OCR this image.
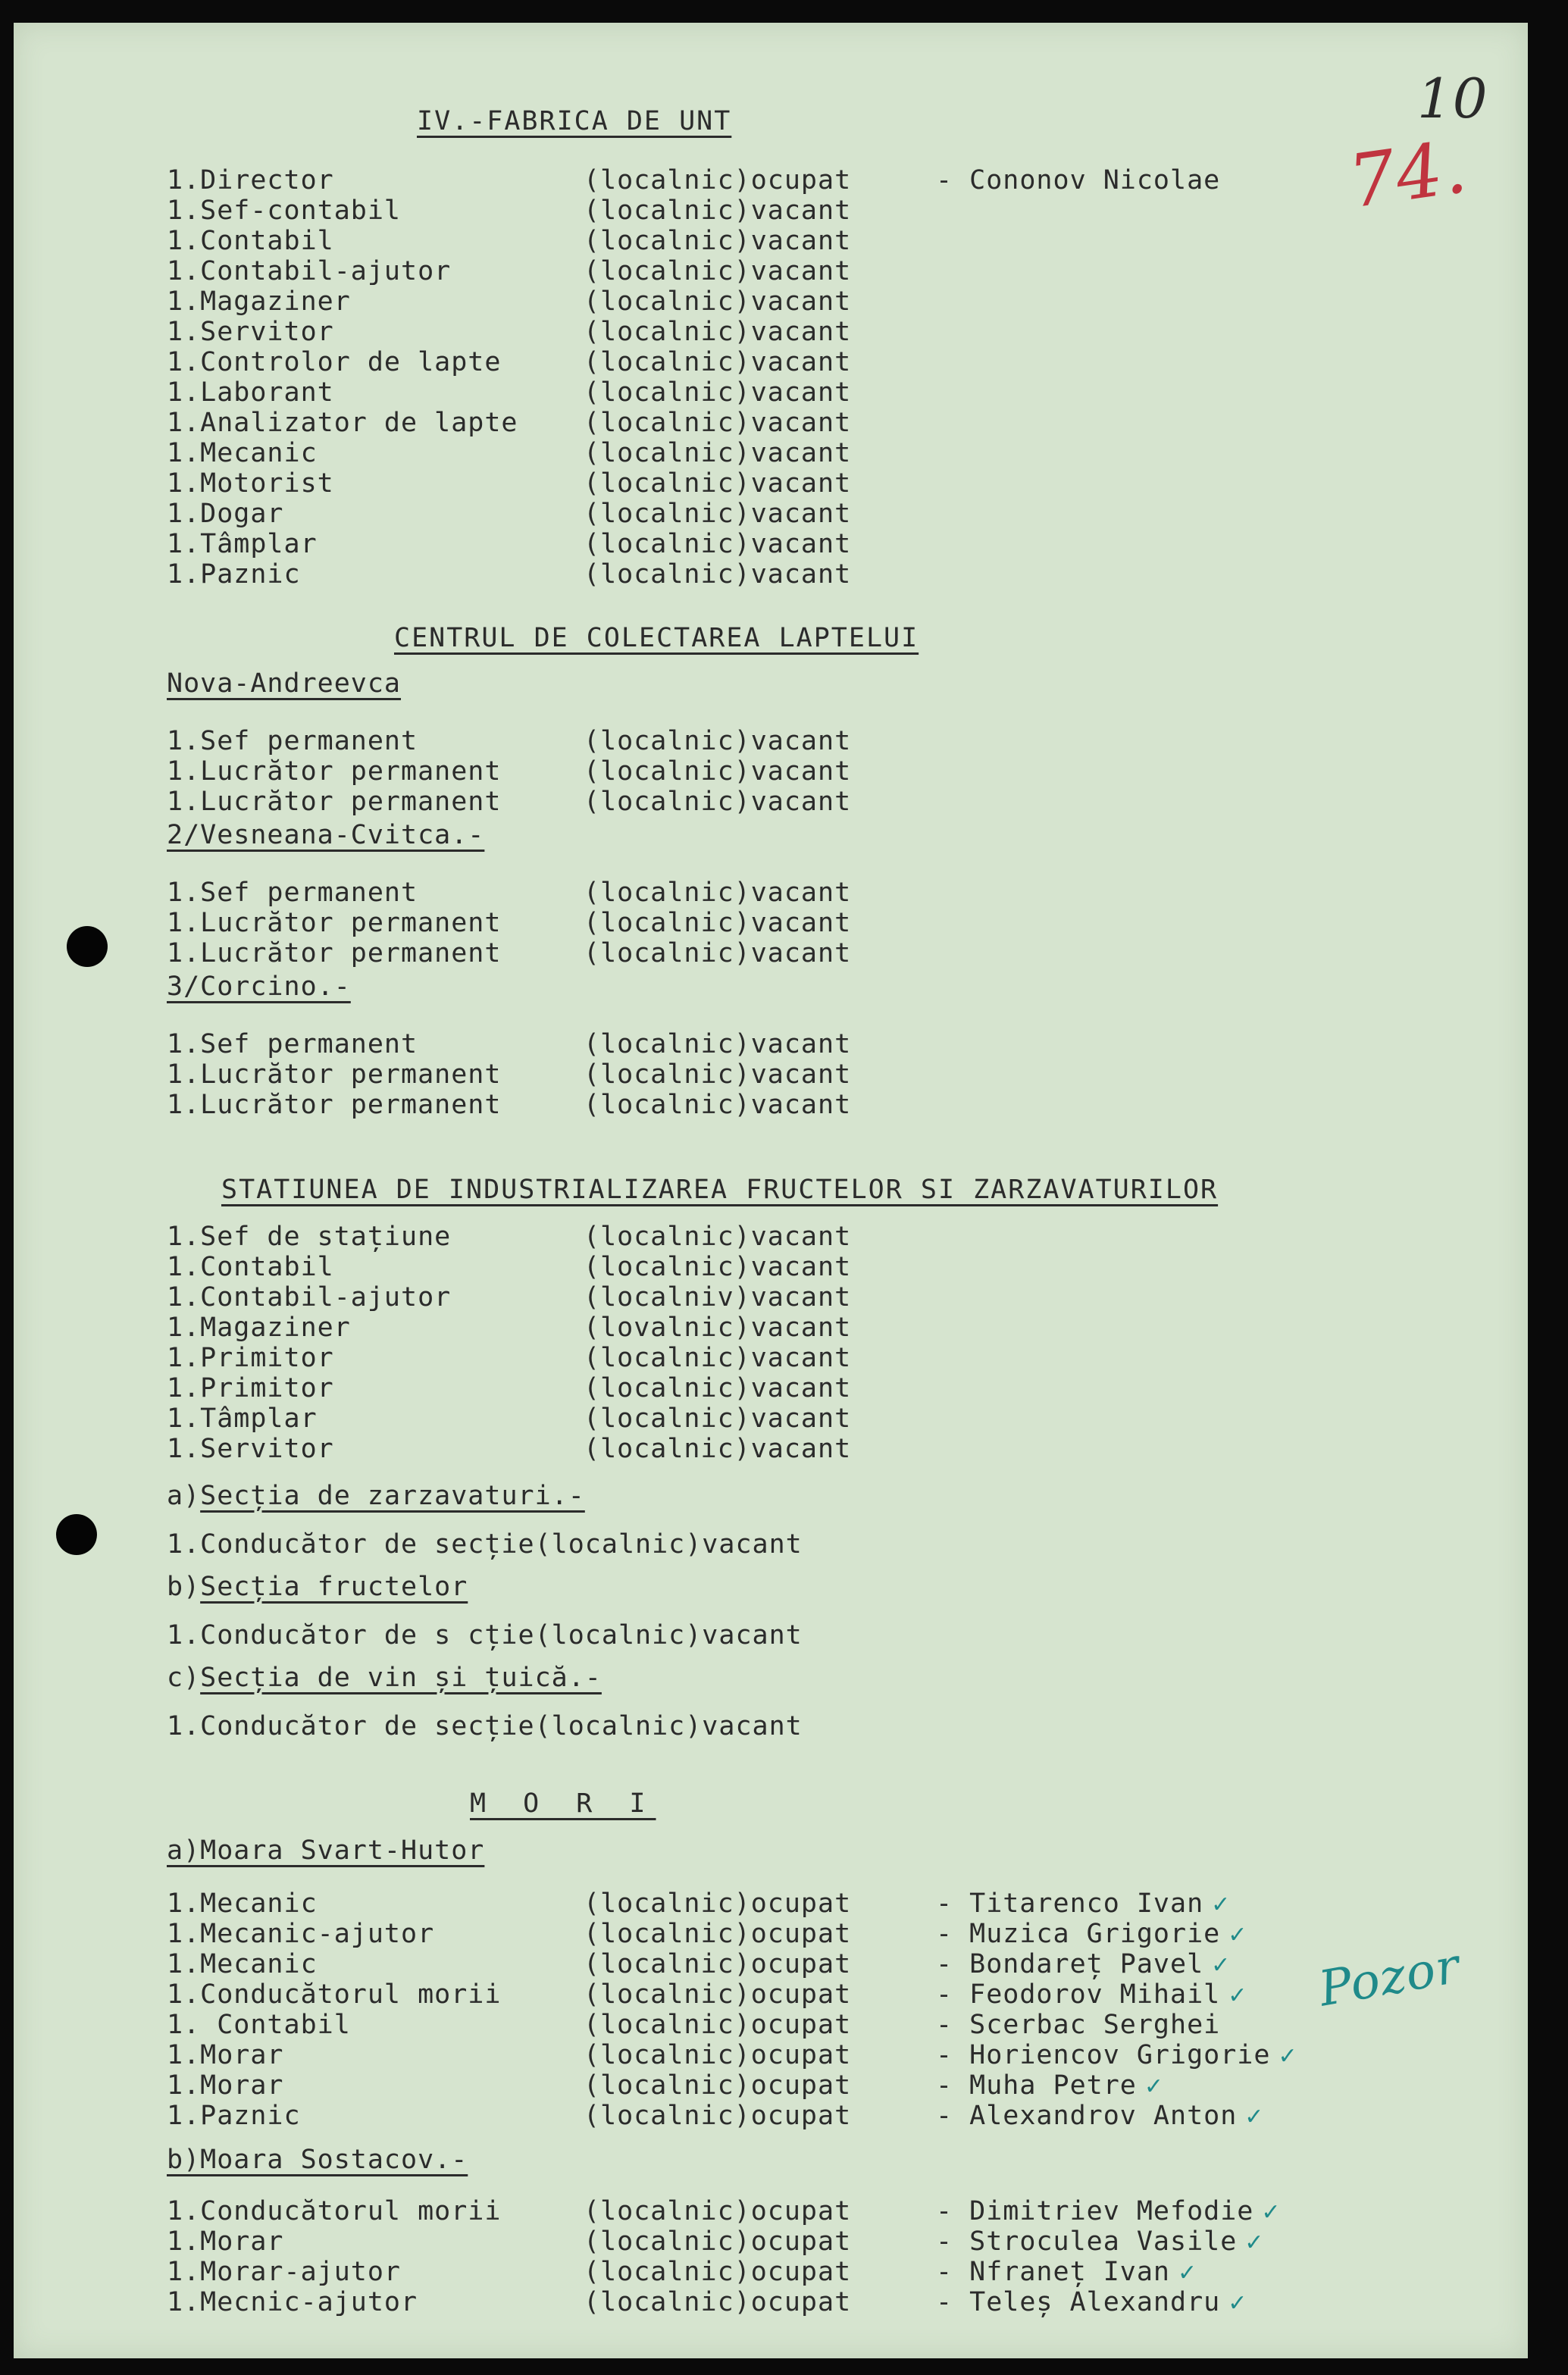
10
74.
Pozor
IV.-FABRICA DE UNT
CENTRUL DE COLECTAREA LAPTELUI
STATIUNEA DE INDUSTRIALIZAREA FRUCTELOR SI ZARZAVATURILOR
M O R I
1.Director	(localnic)ocupat	- Cononov Nicolae
1.Sef-contabil	(localnic)vacant
1.Contabil	(localnic)vacant
1.Contabil-ajutor	(localnic)vacant
1.Magaziner	(localnic)vacant
1.Servitor	(localnic)vacant
1.Controlor de lapte	(localnic)vacant
1.Laborant	(localnic)vacant
1.Analizator de lapte (localnic)vacant
1.Mecanic	(localnic)vacant
1.Motorist	(localnic)vacant
1.Dogar	(localnic)vacant
1.Tâmplar	(localnic)vacant
1.Paznic	(localnic)vacant
Nova-Andreevca
1.Sef permanent	(localnic)vacant
1.Lucrător permanent	(localnic)vacant
1.Lucrător permanent	(localnic)vacant
2/Vesneana-Cvitca.-
1.Sef permanent	(localnic)vacant
1.Lucrător permanent	(localnic)vacant
1.Lucrător permanent	(localnic)vacant
3/Corcino.-
1.Sef permanent	(localnic)vacant
1.Lucrător permanent	(localnic)vacant
1.Lucrător permanent	(localnic)vacant
1.Sef de stațiune	(localnic)vacant
1.Contabil	(localnic)vacant
1.Contabil-ajutor	(localniv)vacant
1.Magaziner	(lovalnic)vacant
1.Primitor	(localnic)vacant
1.Primitor	(localnic)vacant
1.Tâmplar	(localnic)vacant
1.Servitor	(localnic)vacant
a)Secția de zarzavaturi.-
1.Conducător de secție(localnic)vacant
b)Secția fructelor
1.Conducător de s cție(localnic)vacant
c)Secția de vin și țuică.-
1.Conducător de secție(localnic)vacant
a)Moara Svart-Hutor
1.Mecanic	(localnic)ocupat	- Titarenco Ivan ✓
1.Mecanic-ajutor	(localnic)ocupat	- Muzica Grigorie ✓
1.Mecanic	(localnic)ocupat	- Bondareț Pavel ✓
1.Conducătorul morii	(localnic)ocupat	- Feodorov Mihail ✓
1. Contabil	(localnic)ocupat	- Scerbac Serghei
1.Morar	(localnic)ocupat	- Horiencov Grigorie ✓
1.Morar	(localnic)ocupat	- Muha Petre ✓
1.Paznic	(localnic)ocupat	- Alexandrov Anton ✓
b)Moara Sostacov.-
1.Conducătorul morii	(localnic)ocupat	- Dimitriev Mefodie ✓
1.Morar	(localnic)ocupat	- Stroculea Vasile ✓
1.Morar-ajutor	(localnic)ocupat	- Nfraneț Ivan ✓
1.Mecnic-ajutor	(localnic)ocupat	- Teleș Alexandru ✓
